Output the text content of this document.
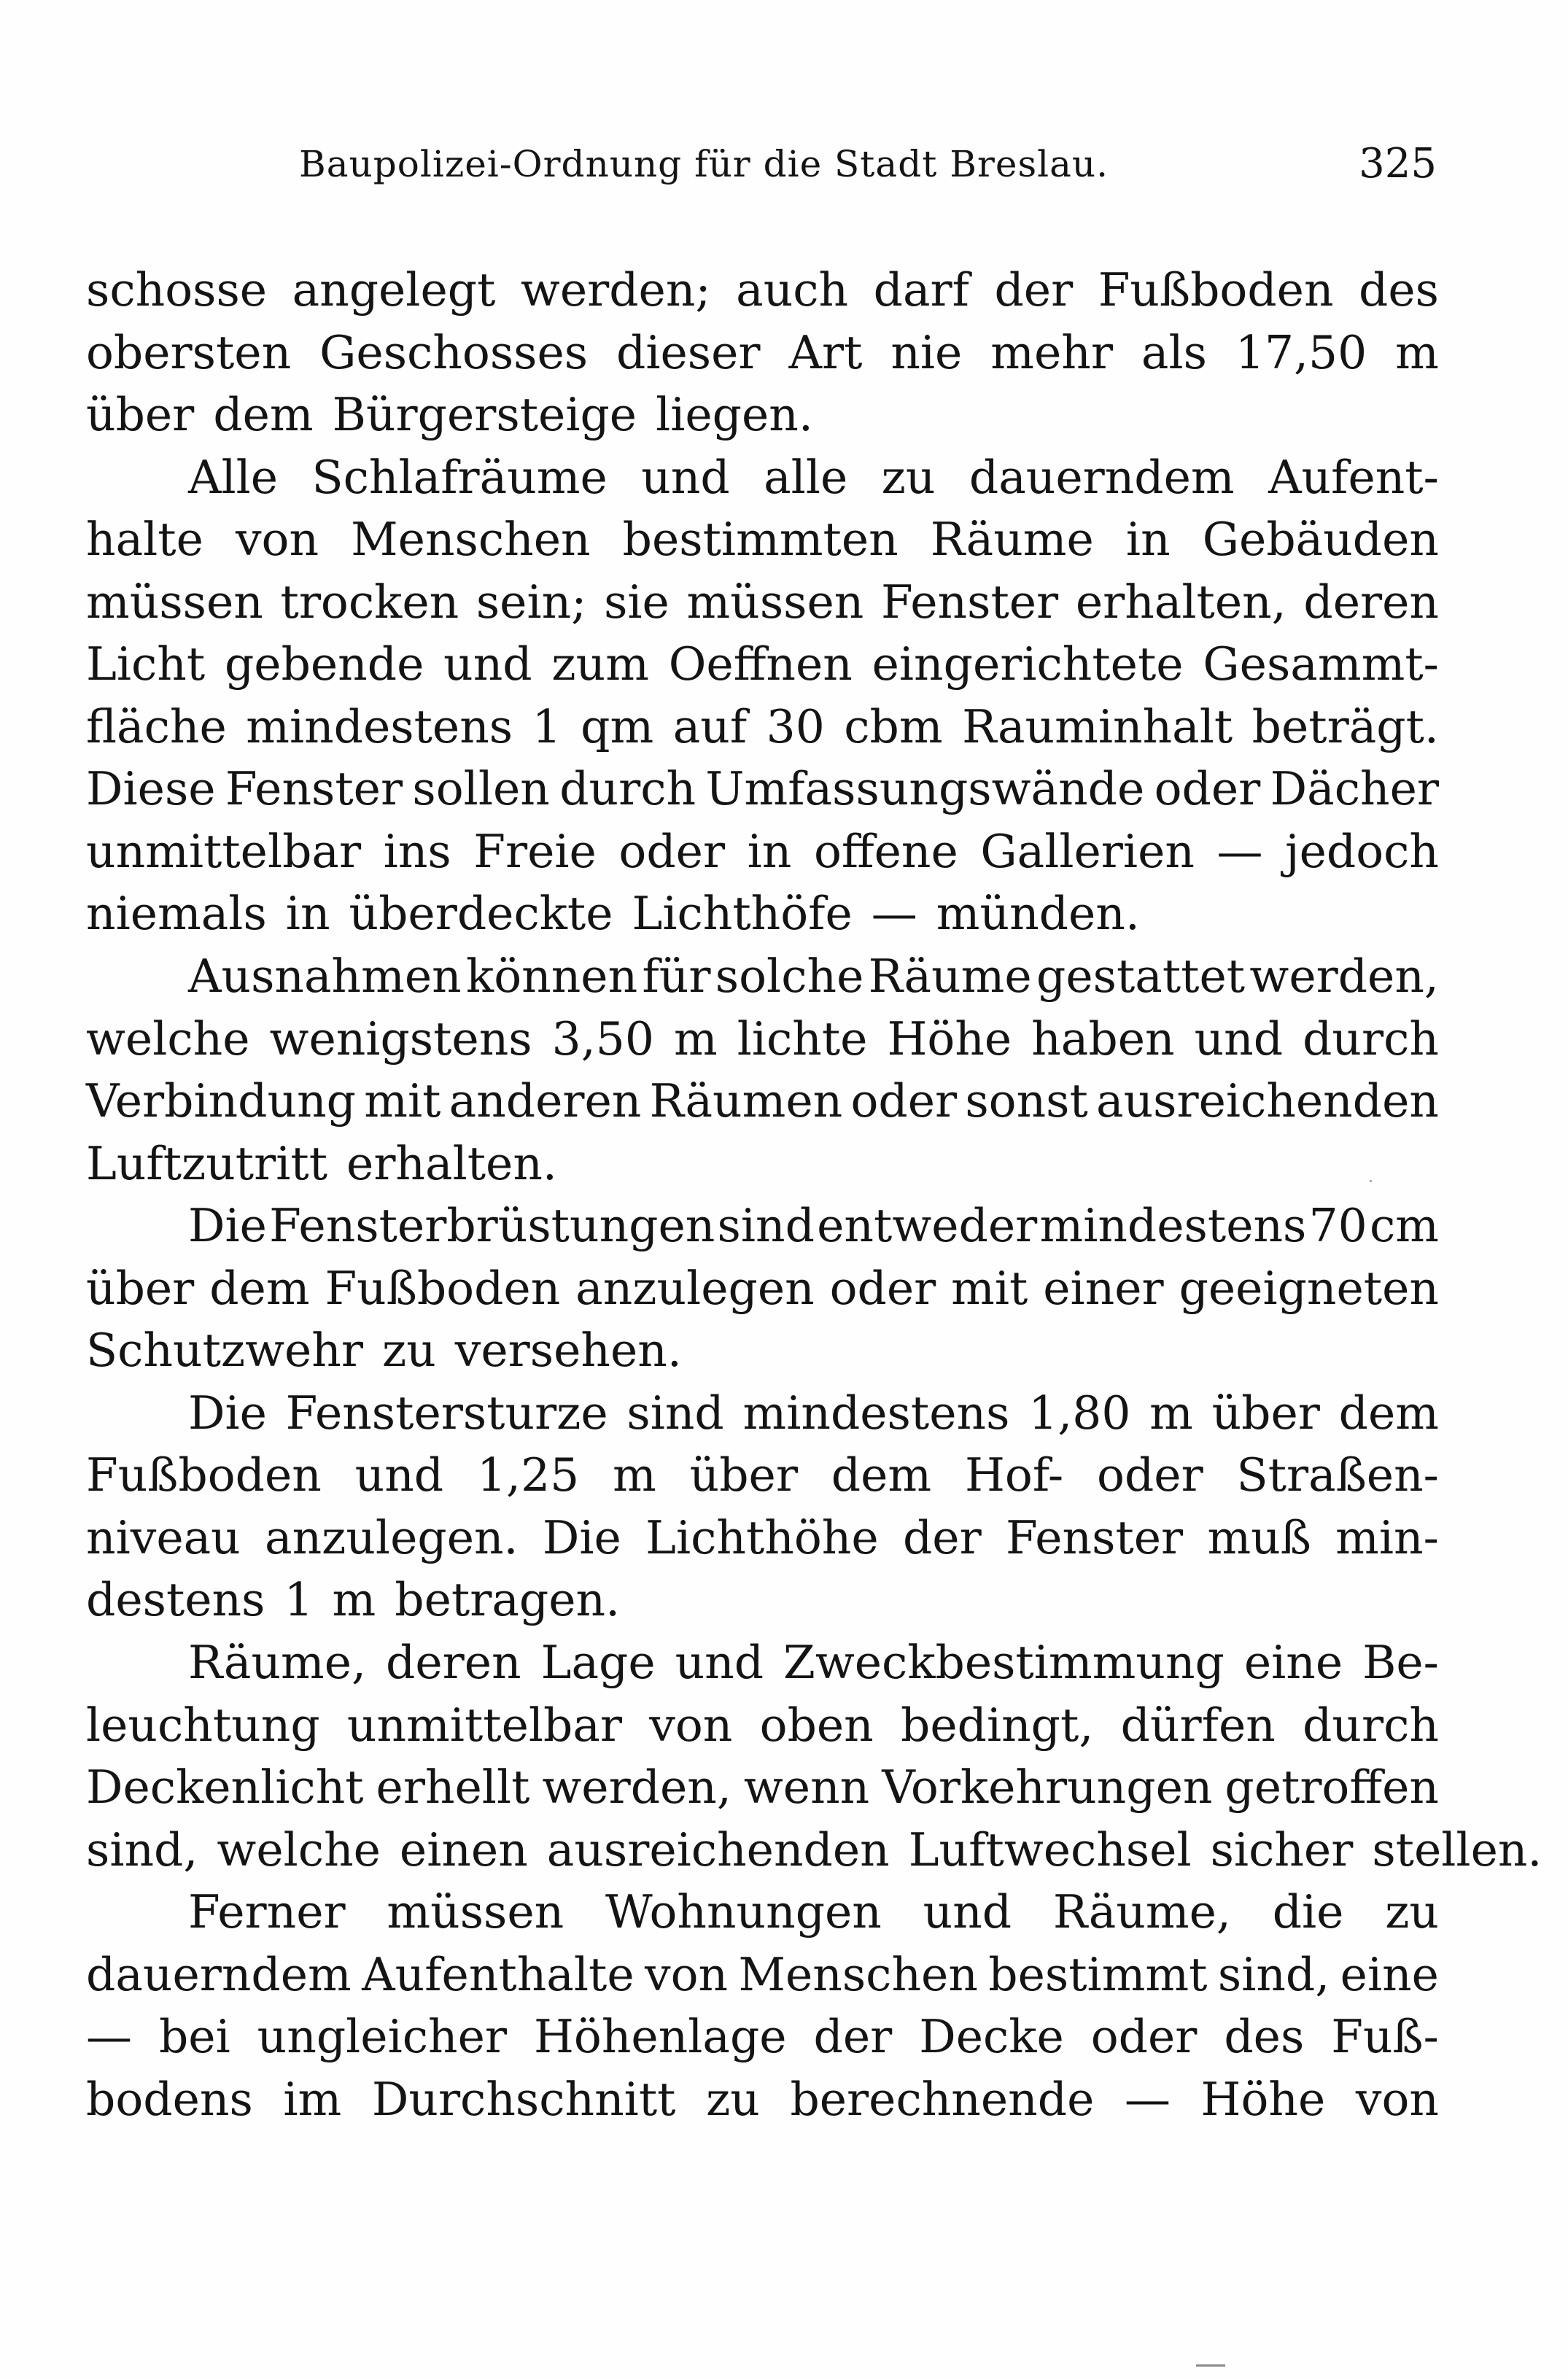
Baupolizei-Ordnung für die Stadt Breslau.	325
schosse angelegt werden; auch darf der Fußboden des
obersten Geschosses dieser Art nie mehr als 17,50 m
über dem Bürgersteige liegen.
Alle Schlafräume und alle zu dauerndem Aufent-
halte von Menschen bestimmten Räume in Gebäuden
müssen trocken sein; sie müssen Fenster erhalten, deren
Licht gebende und zum Oeffnen eingerichtete Gesammt-
fläche mindestens 1 qm auf 30 cbm Rauminhalt beträgt.
Diese Fenster sollen durch Umfassungswände oder Dächer
unmittelbar ins Freie oder in offene Gallerien — jedoch
niemals in überdeckte Lichthöfe — münden.
Ausnahmen können für solche Räume gestattet werden,
welche wenigstens 3,50 m lichte Höhe haben und durch
Verbindung mit anderen Räumen oder sonst ausreichenden
Luftzutritt erhalten.
Die Fensterbrüstungen sind entweder mindestens 70 cm
über dem Fußboden anzulegen oder mit einer geeigneten
Schutzwehr zu versehen.
Die Fenstersturze sind mindestens 1,80 m über dem
Fußboden und 1,25 m über dem Hof- oder Straßen-
niveau anzulegen. Die Lichthöhe der Fenster muß min-
destens 1 m betragen.
Räume, deren Lage und Zweckbestimmung eine Be-
leuchtung unmittelbar von oben bedingt, dürfen durch
Deckenlicht erhellt werden, wenn Vorkehrungen getroffen
sind, welche einen ausreichenden Luftwechsel sicher stellen.
Ferner müssen Wohnungen und Räume, die zu
dauerndem Aufenthalte von Menschen bestimmt sind, eine
— bei ungleicher Höhenlage der Decke oder des Fuß-
bodens im Durchschnitt zu berechnende — Höhe von
